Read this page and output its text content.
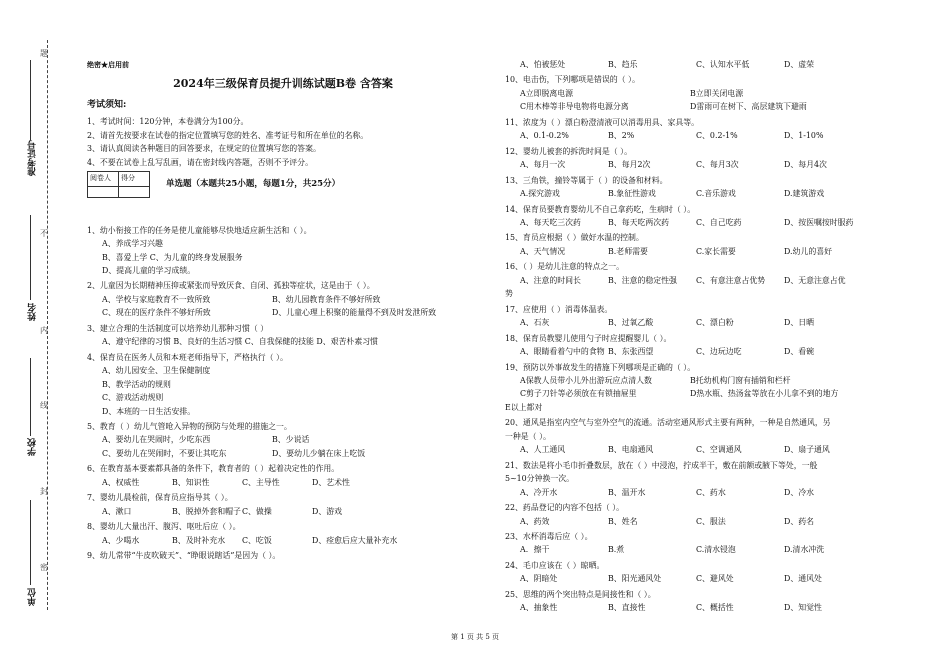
题
不
内
线
封
密
准考证号
姓名
学校
单位
绝密★启用前
2024年三级保育员提升训练试题B卷 含答案
考试须知:
1、考试时间：120分钟，本卷满分为100分。
2、请首先按要求在试卷的指定位置填写您的姓名、准考证号和所在单位的名称。
3、请认真阅读各种题目的回答要求，在规定的位置填写您的答案。
4、不要在试卷上乱写乱画，请在密封线内答题，否则不予评分。
阅卷人	得分

单选题（本题共25小题，每题1分，共25分）
1、幼小衔接工作的任务是使儿童能够尽快地适应新生活和（ ）。
A、养成学习兴趣
B、喜爱上学 C、为儿童的终身发展服务
D、提高儿童的学习成绩。
2、儿童因为长期精神压抑或紧张而导致厌食、自闭、孤独等症状，这是由于（ ）。
A、学校与家庭教育不一致所致	B、幼儿园教育条件不够好所致
C、现在的医疗条件不够好所致	D、儿童心理上积聚的能量得不到及时发泄所致
3、建立合理的生活制度可以培养幼儿那种习惯（ ）
A、遵守纪律的习惯 B、良好的生活习惯 C、自我保健的技能 D、艰苦朴素习惯
4、保育员在医务人员和本班老师指导下，严格执行（ ）。
A、幼儿园安全、卫生保健制度
B、教学活动的规则
C、游戏活动规则
D、本班的一日生活安排。
5、教育（ ）幼儿气管呛入异物的预防与处理的措施之一。
A、要幼儿在哭闹时，少吃东西	B、少说话
C、要幼儿在哭闹时，不要让其吃东	D、要幼儿少躺在床上吃饭
6、在教育基本要素都具备的条件下，教育者的（ ）起着决定性的作用。
A、权威性	B、知识性	C、主导性	D、艺术性
7、婴幼儿晨检前，保育员应指导其（ ）。
A、漱口	B、脱掉外套和帽子 C、做操	D、游戏
8、婴幼儿大量出汗、腹泻、呕吐后应（ ）。
A、少喝水	B、及时补充水	C、吃饭	D、痊愈后应大量补充水
9、幼儿常带“牛皮吹破天”、“睁眼说瞎话”是因为（ ）。
A、怕被惩处	B、趋乐	C、认知水平低	D、虚荣
10、电击伤，下列哪项是错误的（ ）。
A立即脱离电源	B立即关闭电源
C用木棒等非导电物将电源分离	D雷雨可在树下、高层建筑下避雨
11、浓度为（ ）漂白粉澄清液可以消毒用具、家具等。
A、0.1-0.2%	B、2%	C、0.2-1%	D、1-10%
12、婴幼儿被套的拆洗时间是（ ）。
A、每月一次	B、每月2次	C、每月3次	D、每月4次
13、三角铁，撞铃等属于（ ）的设备和材料。
A.探究游戏	B.象征性游戏	C.音乐游戏	D.建筑游戏
14、保育员要教育婴幼儿不自己拿药吃，生病时（ ）。
A、每天吃三次药	B、每天吃两次药	C、自己吃药	D、按医嘱按时服药
15、育员应根据（ ）做好水温的控制。
A、天气情况	B.老师需要	C.家长需要	D.幼儿的喜好
16、（ ）是幼儿注意的特点之一。
A、注意的时间长	B、注意的稳定性强	C、有意注意占优势	D、无意注意占优
势
17、应使用（ ）消毒体温表。
A、石灰	B、过氧乙酸	C、漂白粉	D、日晒
18、保育员教婴儿使用勺子时应提醒婴儿（ ）。
A、眼睛看着勺中的食物 B、东张西望	C、边玩边吃	D、看碗
19、预防以外事故发生的措施下列哪项是正确的（ ）。
A保教人员带小儿外出游玩应点清人数	B托幼机构门窗有插销和栏杆
C剪子刀针等必须放在有锁抽屉里	D热水瓶、热汤盆等放在小儿拿不到的地方
E以上都对
20、通风是指室内空气与室外空气的流通。活动室通风形式主要有两种，一种是自然通风，另
一种是（ ）。
A、人工通风	B、电扇通风	C、空调通风	D、扇子通风
21、数法是将小毛巾折叠数层，放在（ ）中浸泡，拧成半干，敷在前额或腋下等处，一般
5~10分钟换一次。
A、冷开水	B、温开水	C、药水	D、冷水
22、药品登记的内容不包括（ ）。
A、药效	B、姓名	C、服法	D、药名
23、水杯消毒后应（ ）。
A．擦干	B.煮	C.清水锓泡	D.清水冲洗
24、毛巾应该在（ ）晾晒。
A、阴暗处	B、阳光通风处	C、避风处	D、通风处
25、思维的两个突出特点是间接性和（ ）。
A、抽象性	B、直接性	C、概括性	D、知觉性
第 1 页 共 5 页
